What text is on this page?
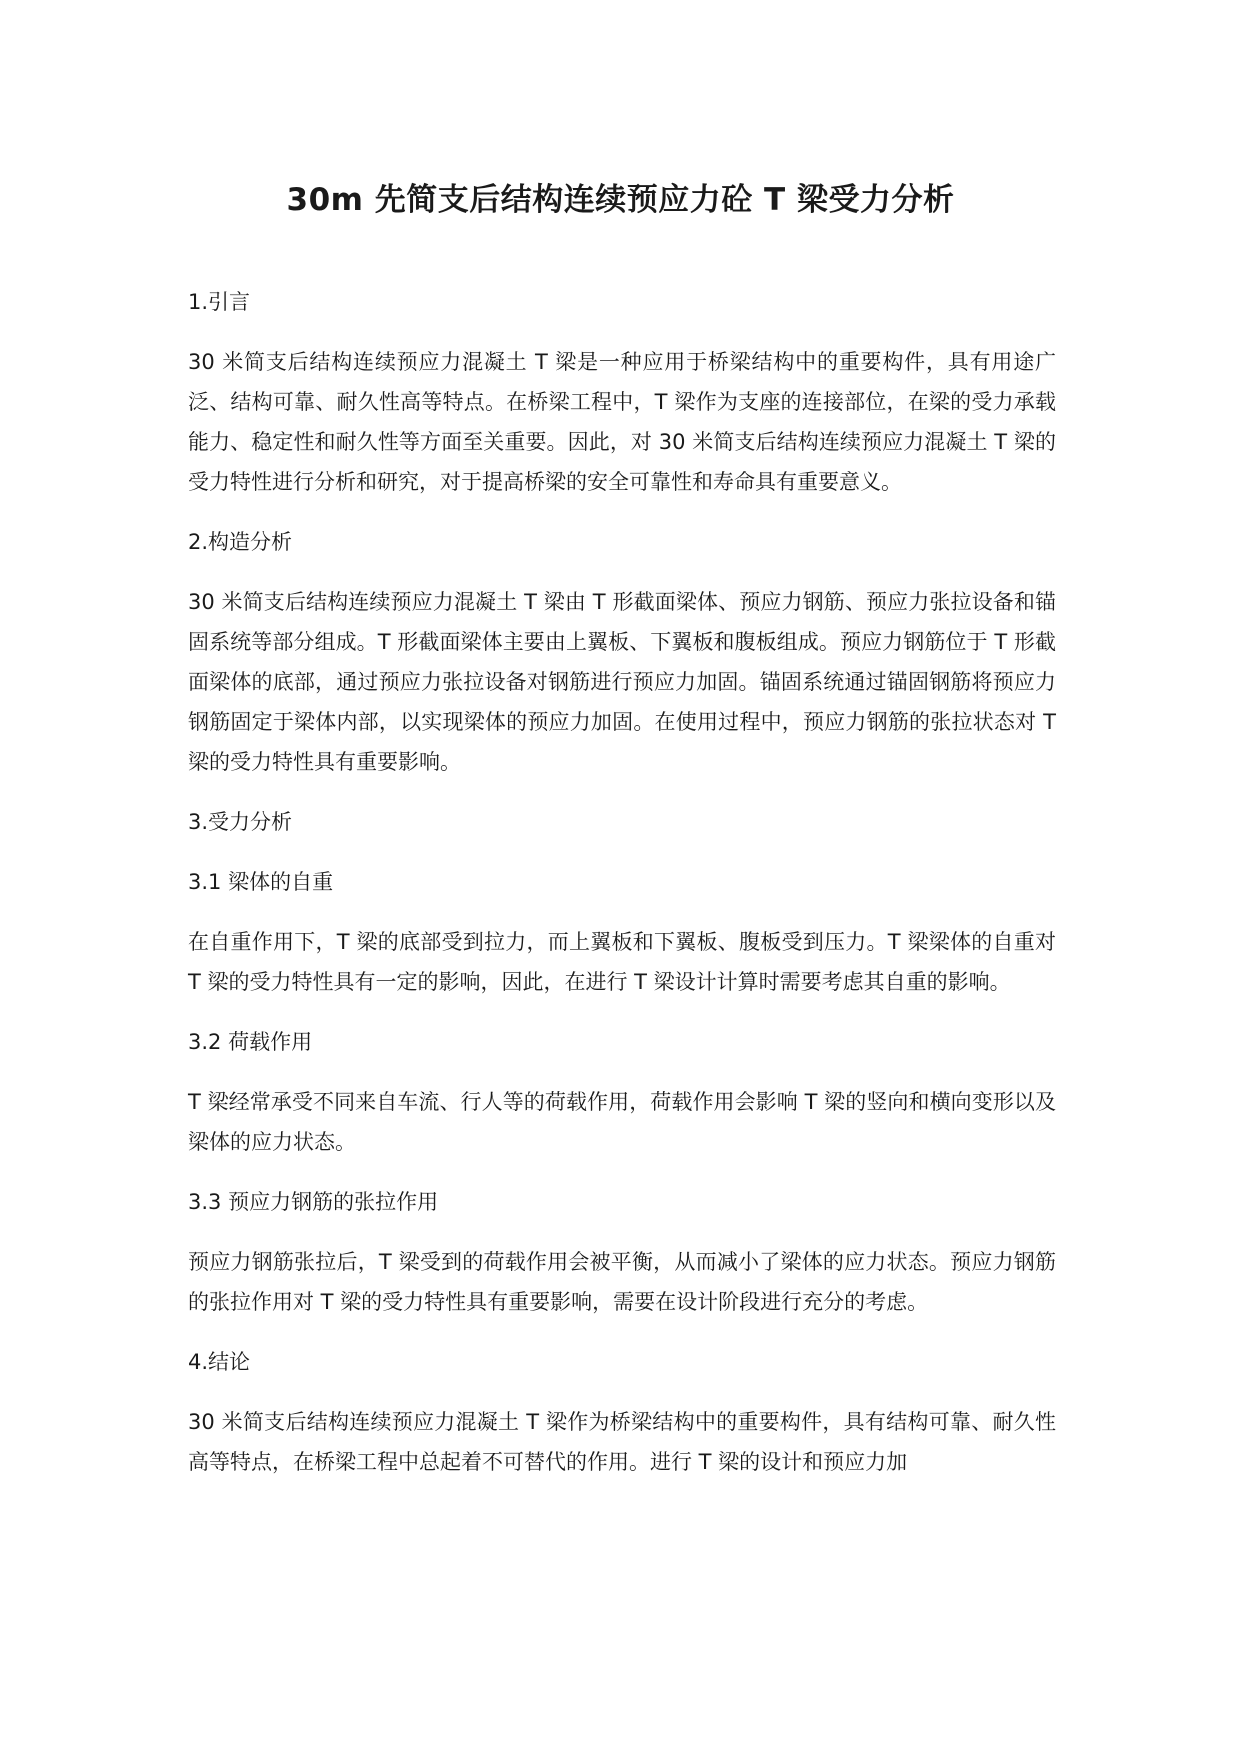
30m 先简支后结构连续预应力砼 T 梁受力分析
1.引言

30 米简支后结构连续预应力混凝土 T 梁是一种应用于桥梁结构中的重要构件，具有用途广泛、结构可靠、耐久性高等特点。在桥梁工程中，T 梁作为支座的连接部位，在梁的受力承载能力、稳定性和耐久性等方面至关重要。因此，对 30 米简支后结构连续预应力混凝土 T 梁的受力特性进行分析和研究，对于提高桥梁的安全可靠性和寿命具有重要意义。

2.构造分析

30 米简支后结构连续预应力混凝土 T 梁由 T 形截面梁体、预应力钢筋、预应力张拉设备和锚固系统等部分组成。T 形截面梁体主要由上翼板、下翼板和腹板组成。预应力钢筋位于 T 形截面梁体的底部，通过预应力张拉设备对钢筋进行预应力加固。锚固系统通过锚固钢筋将预应力钢筋固定于梁体内部，以实现梁体的预应力加固。在使用过程中，预应力钢筋的张拉状态对 T 梁的受力特性具有重要影响。

3.受力分析
3.1 梁体的自重

在自重作用下，T 梁的底部受到拉力，而上翼板和下翼板、腹板受到压力。T 梁梁体的自重对 T 梁的受力特性具有一定的影响，因此，在进行 T 梁设计计算时需要考虑其自重的影响。

3.2 荷载作用

T 梁经常承受不同来自车流、行人等的荷载作用，荷载作用会影响 T 梁的竖向和横向变形以及梁体的应力状态。

3.3 预应力钢筋的张拉作用

预应力钢筋张拉后，T 梁受到的荷载作用会被平衡，从而减小了梁体的应力状态。预应力钢筋的张拉作用对 T 梁的受力特性具有重要影响，需要在设计阶段进行充分的考虑。

4.结论

30 米简支后结构连续预应力混凝土 T 梁作为桥梁结构中的重要构件，具有结构可靠、耐久性高等特点，在桥梁工程中总起着不可替代的作用。进行 T 梁的设计和预应力加
